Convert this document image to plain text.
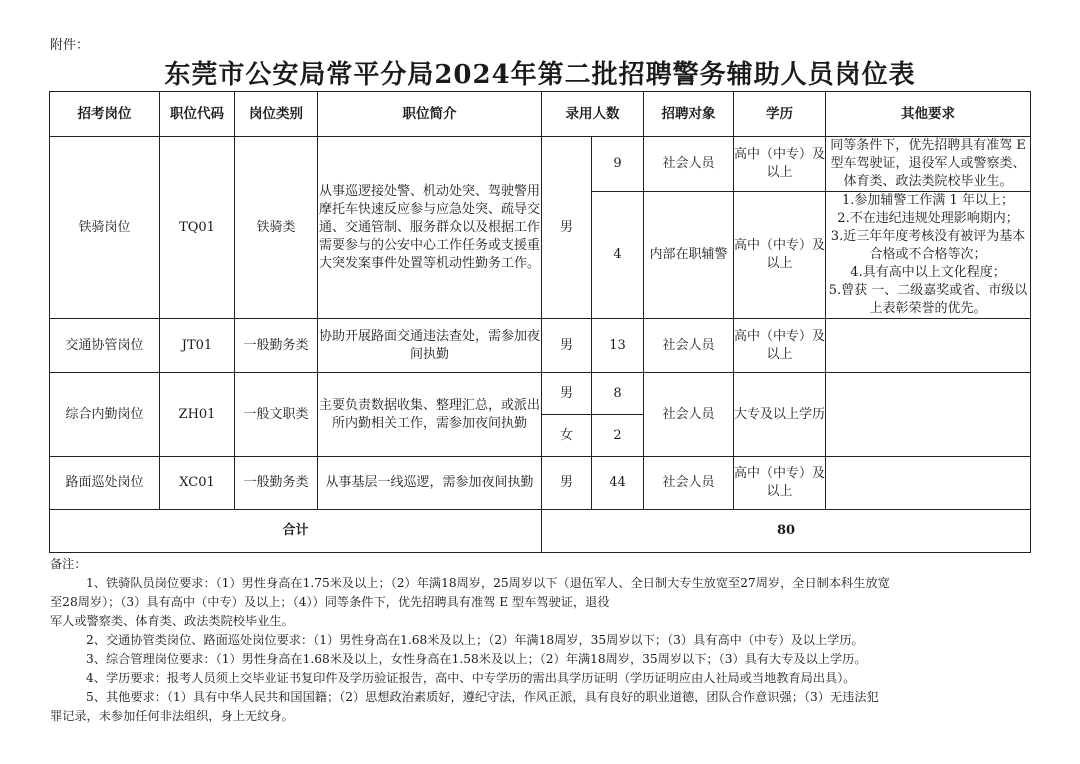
附件：
东莞市公安局常平分局2024年第二批招聘警务辅助人员岗位表
招考岗位	职位代码	岗位类别	职位简介	录用人数		招聘对象	学历	其他要求
铁骑岗位	TQ01	铁骑类	从事巡逻接处警、机动处突、驾驶警用摩托车快速反应参与应急处突、疏导交通、交通管制、服务群众以及根据工作需要参与的公安中心工作任务或支援重大突发案事件处置等机动性勤务工作。	男	9	社会人员	高中（中专）及以上	同等条件下，优先招聘具有准驾 E 型车驾驶证，退役军人或警察类、体育类、政法类院校毕业生。
					4	内部在职辅警	高中（中专）及以上	1.参加辅警工作满 1 年以上；
2.不在违纪违规处理影响期内；
3.近三年年度考核没有被评为基本合格或不合格等次；
4.具有高中以上文化程度；
5.曾获 一、二级嘉奖或省、市级以上表彰荣誉的优先。

交通协管岗位	JT01	一般勤务类	协助开展路面交通违法查处，需参加夜间执勤	男	13	社会人员	高中（中专）及以上	
综合内勤岗位	ZH01	一般文职类	主要负责数据收集、整理汇总，或派出所内勤相关工作，需参加夜间执勤	男	8	社会人员	大专及以上学历	
				女	2			
路面巡处岗位	XC01	一般勤务类	从事基层一线巡逻，需参加夜间执勤	男	44	社会人员	高中（中专）及以上	
合计				80				
备注：
1、铁骑队员岗位要求：（1）男性身高在1.75米及以上；（2）年满18周岁，25周岁以下（退伍军人、全日制大专生放宽至27周岁，全日制本科生放宽
至28周岁）；（3）具有高中（中专）及以上；（4））同等条件下，优先招聘具有准驾 E 型车驾驶证，退役
军人或警察类、体育类、政法类院校毕业生。
2、交通协管类岗位、路面巡处岗位要求：（1）男性身高在1.68米及以上；（2）年满18周岁，35周岁以下；（3）具有高中（中专）及以上学历。
3、综合管理岗位要求：（1）男性身高在1.68米及以上，女性身高在1.58米及以上；（2）年满18周岁，35周岁以下；（3）具有大专及以上学历。
4、学历要求：报考人员须上交毕业证书复印件及学历验证报告，高中、中专学历的需出具学历证明（学历证明应由人社局或当地教育局出具）。
5、其他要求：（1）具有中华人民共和国国籍；（2）思想政治素质好，遵纪守法，作风正派，具有良好的职业道德，团队合作意识强；（3）无违法犯
罪记录，未参加任何非法组织，身上无纹身。
